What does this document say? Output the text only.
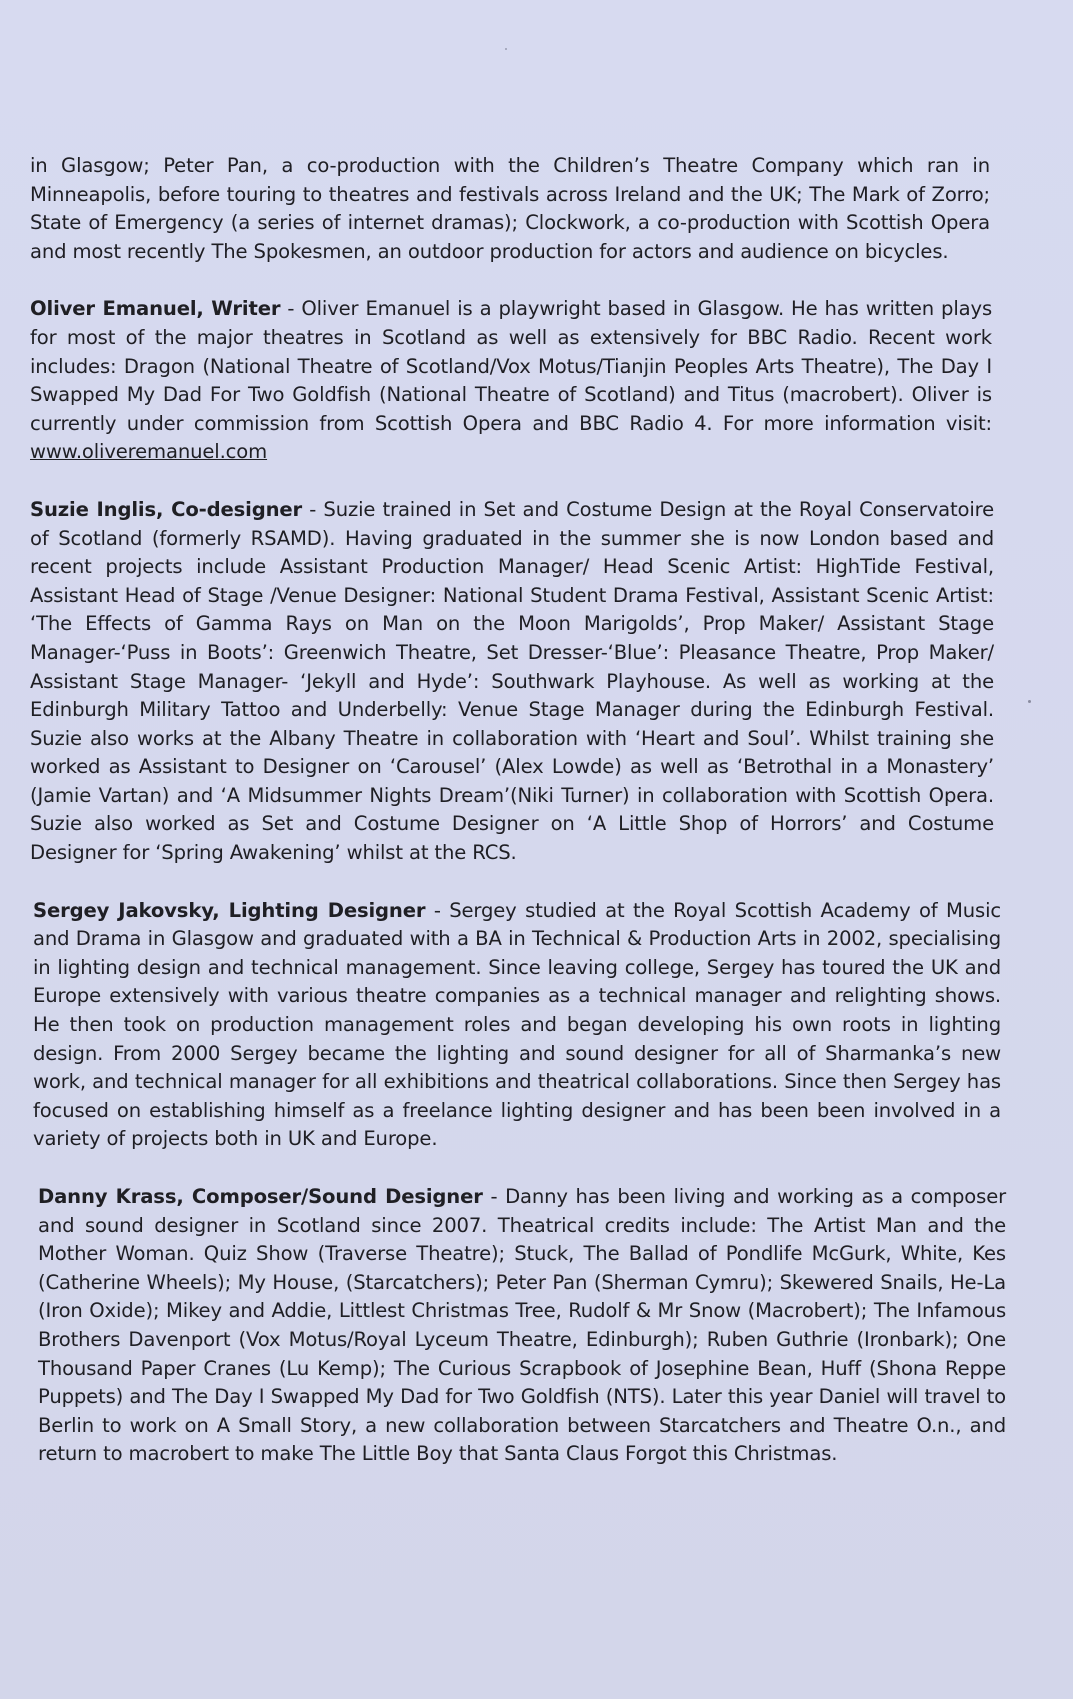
in Glasgow; Peter Pan, a co-production with the Children’s Theatre Company which ran in Minneapolis, before touring to theatres and festivals across Ireland and the UK; The Mark of Zorro; State of Emergency (a series of internet dramas); Clockwork, a co-production with Scottish Opera and most recently The Spokesmen, an outdoor production for actors and audience on bicycles.

Oliver Emanuel, Writer - Oliver Emanuel is a playwright based in Glasgow. He has written plays for most of the major theatres in Scotland as well as extensively for BBC Radio. Recent work includes: Dragon (National Theatre of Scotland/Vox Motus/Tianjin Peoples Arts Theatre), The Day I Swapped My Dad For Two Goldfish (National Theatre of Scotland) and Titus (macrobert). Oliver is currently under commission from Scottish Opera and BBC Radio 4. For more information visit: www.oliveremanuel.com

Suzie Inglis, Co-designer - Suzie trained in Set and Costume Design at the Royal Conservatoire of Scotland (formerly RSAMD). Having graduated in the summer she is now London based and recent projects include Assistant Production Manager/ Head Scenic Artist: HighTide Festival, Assistant Head of Stage /Venue Designer: National Student Drama Festival, Assistant Scenic Artist: ‘The Effects of Gamma Rays on Man on the Moon Marigolds’, Prop Maker/ Assistant Stage Manager-‘Puss in Boots’: Greenwich Theatre, Set Dresser-‘Blue’: Pleasance Theatre, Prop Maker/ Assistant Stage Manager- ‘Jekyll and Hyde’: Southwark Playhouse. As well as working at the Edinburgh Military Tattoo and Underbelly: Venue Stage Manager during the Edinburgh Festival. Suzie also works at the Albany Theatre in collaboration with ‘Heart and Soul’. Whilst training she worked as Assistant to Designer on ‘Carousel’ (Alex Lowde) as well as ‘Betrothal in a Monastery’ (Jamie Vartan) and ‘A Midsummer Nights Dream’(Niki Turner) in collaboration with Scottish Opera. Suzie also worked as Set and Costume Designer on ‘A Little Shop of Horrors’ and Costume Designer for ‘Spring Awakening’ whilst at the RCS.

Sergey Jakovsky, Lighting Designer - Sergey studied at the Royal Scottish Academy of Music and Drama in Glasgow and graduated with a BA in Technical & Production Arts in 2002, specialising in lighting design and technical management. Since leaving college, Sergey has toured the UK and Europe extensively with various theatre companies as a technical manager and relighting shows. He then took on production management roles and began developing his own roots in lighting design. From 2000 Sergey became the lighting and sound designer for all of Sharmanka’s new work, and technical manager for all exhibitions and theatrical collaborations. Since then Sergey has focused on establishing himself as a freelance lighting designer and has been been involved in a variety of projects both in UK and Europe.

Danny Krass, Composer/Sound Designer - Danny has been living and working as a composer and sound designer in Scotland since 2007. Theatrical credits include: The Artist Man and the Mother Woman. Quiz Show (Traverse Theatre); Stuck, The Ballad of Pondlife McGurk, White, Kes (Catherine Wheels); My House, (Starcatchers); Peter Pan (Sherman Cymru); Skewered Snails, He-La (Iron Oxide); Mikey and Addie, Littlest Christmas Tree, Rudolf & Mr Snow (Macrobert); The Infamous Brothers Davenport (Vox Motus/Royal Lyceum Theatre, Edinburgh); Ruben Guthrie (Ironbark); One Thousand Paper Cranes (Lu Kemp); The Curious Scrapbook of Josephine Bean, Huff (Shona Reppe Puppets) and The Day I Swapped My Dad for Two Goldfish (NTS). Later this year Daniel will travel to Berlin to work on A Small Story, a new collaboration between Starcatchers and Theatre O.n., and return to macrobert to make The Little Boy that Santa Claus Forgot this Christmas.
